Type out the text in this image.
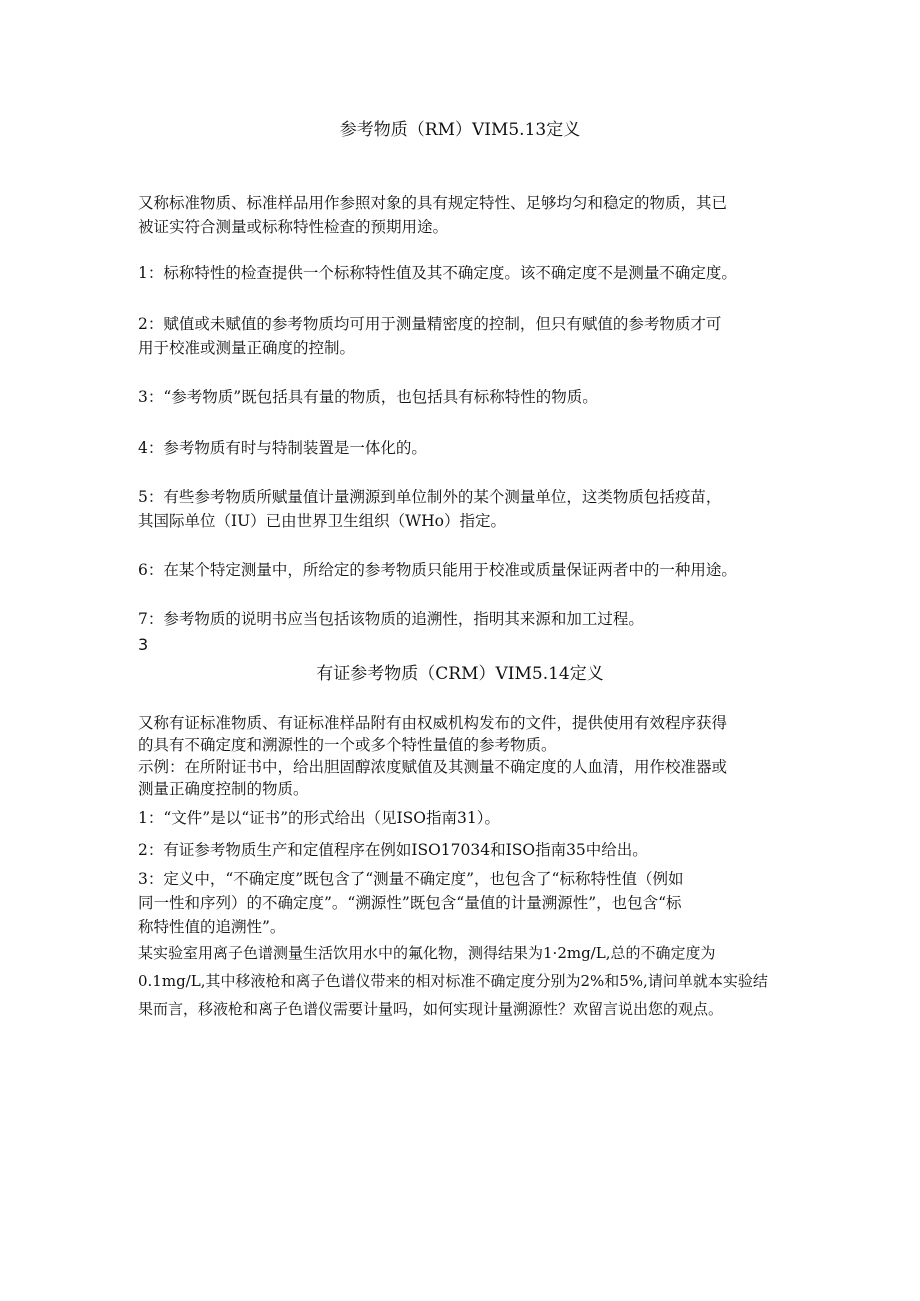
参考物质（RM）VIM5.13定义

又称标准物质、标准样品用作参照对象的具有规定特性、足够均匀和稳定的物质，其已
被证实符合测量或标称特性检查的预期用途。

1：标称特性的检查提供一个标称特性值及其不确定度。该不确定度不是测量不确定度。

2：赋值或未赋值的参考物质均可用于测量精密度的控制，但只有赋值的参考物质才可
用于校准或测量正确度的控制。

3：“参考物质”既包括具有量的物质，也包括具有标称特性的物质。

4：参考物质有时与特制装置是一体化的。

5：有些参考物质所赋量值计量溯源到单位制外的某个测量单位，这类物质包括疫苗，
其国际单位（IU）已由世界卫生组织（WHo）指定。

6：在某个特定测量中，所给定的参考物质只能用于校准或质量保证两者中的一种用途。

7：参考物质的说明书应当包括该物质的追溯性，指明其来源和加工过程。

3

有证参考物质（CRM）VIM5.14定义

又称有证标准物质、有证标准样品附有由权威机构发布的文件，提供使用有效程序获得
的具有不确定度和溯源性的一个或多个特性量值的参考物质。

示例：在所附证书中，给出胆固醇浓度赋值及其测量不确定度的人血清，用作校准器或
测量正确度控制的物质。

1：“文件”是以“证书”的形式给出（见ISO指南31）。

2：有证参考物质生产和定值程序在例如ISO17034和ISO指南35中给出。

3：定义中，“不确定度”既包含了“测量不确定度”，也包含了“标称特性值（例如
同一性和序列）的不确定度”。“溯源性”既包含“量值的计量溯源性”，也包含“标
称特性值的追溯性”。

某实验室用离子色谱测量生活饮用水中的氟化物，测得结果为1·2mg/L,总的不确定度为
0.1mg/L,其中移液枪和离子色谱仪带来的相对标准不确定度分别为2%和5%,请问单就本实验结
果而言，移液枪和离子色谱仪需要计量吗，如何实现计量溯源性？欢留言说出您的观点。
